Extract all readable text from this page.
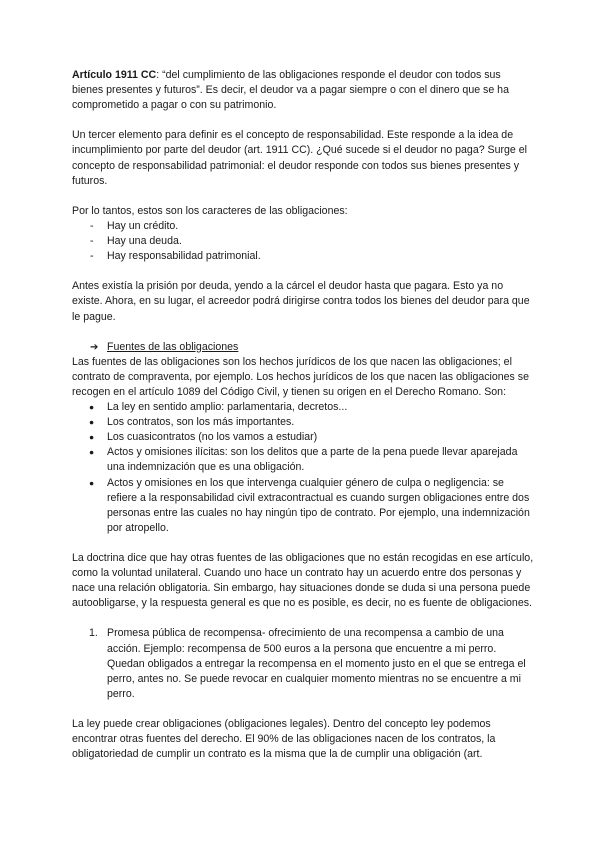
Artículo 1911 CC: “del cumplimiento de las obligaciones responde el deudor con todos sus bienes presentes y futuros”. Es decir, el deudor va a pagar siempre o con el dinero que se ha comprometido a pagar o con su patrimonio.

Un tercer elemento para definir es el concepto de responsabilidad. Este responde a la idea de incumplimiento por parte del deudor (art. 1911 CC). ¿Qué sucede si el deudor no paga? Surge el concepto de responsabilidad patrimonial: el deudor responde con todos sus bienes presentes y futuros.

Por lo tantos, estos son los caracteres de las obligaciones:

- Hay un crédito.
- Hay una deuda.
- Hay responsabilidad patrimonial.

Antes existía la prisión por deuda, yendo a la cárcel el deudor hasta que pagara. Esto ya no existe. Ahora, en su lugar, el acreedor podrá dirigirse contra todos los bienes del deudor para que le pague.

➔ Fuentes de las obligaciones

Las fuentes de las obligaciones son los hechos jurídicos de los que nacen las obligaciones; el contrato de compraventa, por ejemplo. Los hechos jurídicos de los que nacen las obligaciones se recogen en el artículo 1089 del Código Civil, y tienen su origen en el Derecho Romano. Son:

● La ley en sentido amplio: parlamentaria, decretos...
● Los contratos, son los más importantes.
● Los cuasicontratos (no los vamos a estudiar)
● Actos y omisiones ilícitas: son los delitos que a parte de la pena puede llevar aparejada una indemnización que es una obligación.
● Actos y omisiones en los que intervenga cualquier género de culpa o negligencia: se refiere a la responsabilidad civil extracontractual es cuando surgen obligaciones entre dos personas entre las cuales no hay ningún tipo de contrato. Por ejemplo, una indemnización por atropello.

La doctrina dice que hay otras fuentes de las obligaciones que no están recogidas en ese artículo, como la voluntad unilateral. Cuando uno hace un contrato hay un acuerdo entre dos personas y nace una relación obligatoria. Sin embargo, hay situaciones donde se duda si una persona puede autoobligarse, y la respuesta general es que no es posible, es decir, no es fuente de obligaciones.

1. Promesa pública de recompensa- ofrecimiento de una recompensa a cambio de una acción. Ejemplo: recompensa de 500 euros a la persona que encuentre a mi perro. Quedan obligados a entregar la recompensa en el momento justo en el que se entrega el perro, antes no. Se puede revocar en cualquier momento mientras no se encuentre a mi perro.

La ley puede crear obligaciones (obligaciones legales). Dentro del concepto ley podemos encontrar otras fuentes del derecho. El 90% de las obligaciones nacen de los contratos, la obligatoriedad de cumplir un contrato es la misma que la de cumplir una obligación (art.
